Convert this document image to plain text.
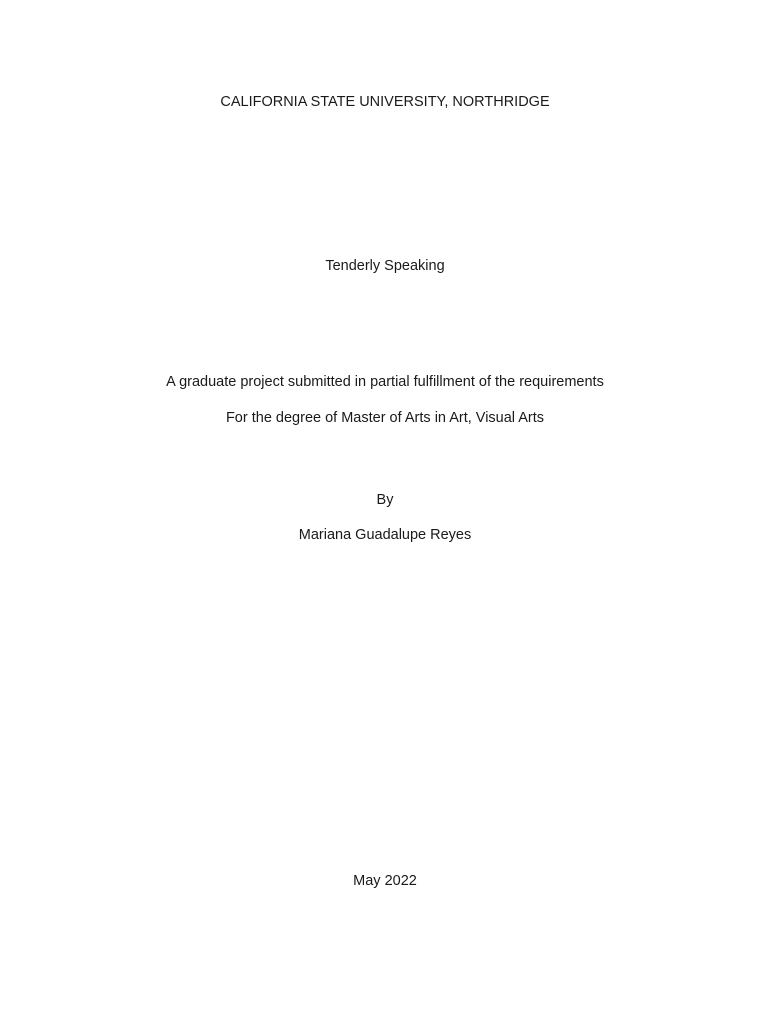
CALIFORNIA STATE UNIVERSITY, NORTHRIDGE
Tenderly Speaking
A graduate project submitted in partial fulfillment of the requirements
For the degree of Master of Arts in Art, Visual Arts
By
Mariana Guadalupe Reyes
May 2022
